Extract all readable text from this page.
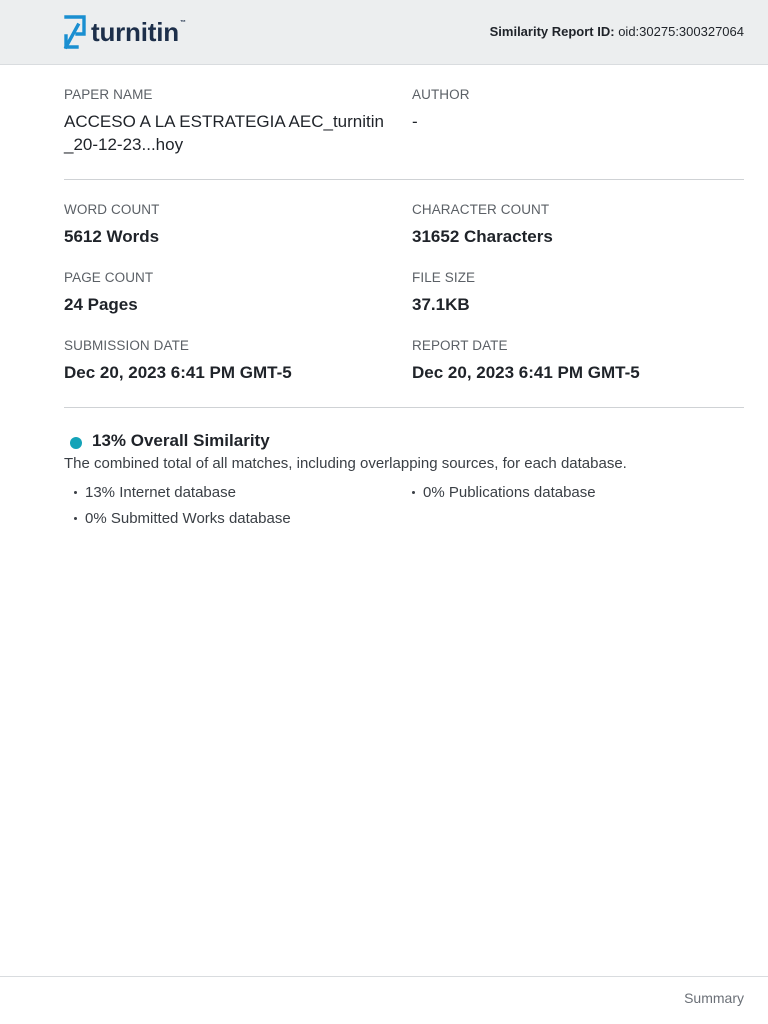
turnitin™
Similarity Report ID: oid:30275:300327064
PAPER NAME
ACCESO A LA ESTRATEGIA AEC_turnitin
_20-12-23...hoy
AUTHOR
-
WORD COUNT
5612 Words
CHARACTER COUNT
31652 Characters
PAGE COUNT
24 Pages
FILE SIZE
37.1KB
SUBMISSION DATE
Dec 20, 2023 6:41 PM GMT-5
REPORT DATE
Dec 20, 2023 6:41 PM GMT-5
13% Overall Similarity
The combined total of all matches, including overlapping sources, for each database.
13% Internet database	0% Publications database
0% Submitted Works database
Summary
